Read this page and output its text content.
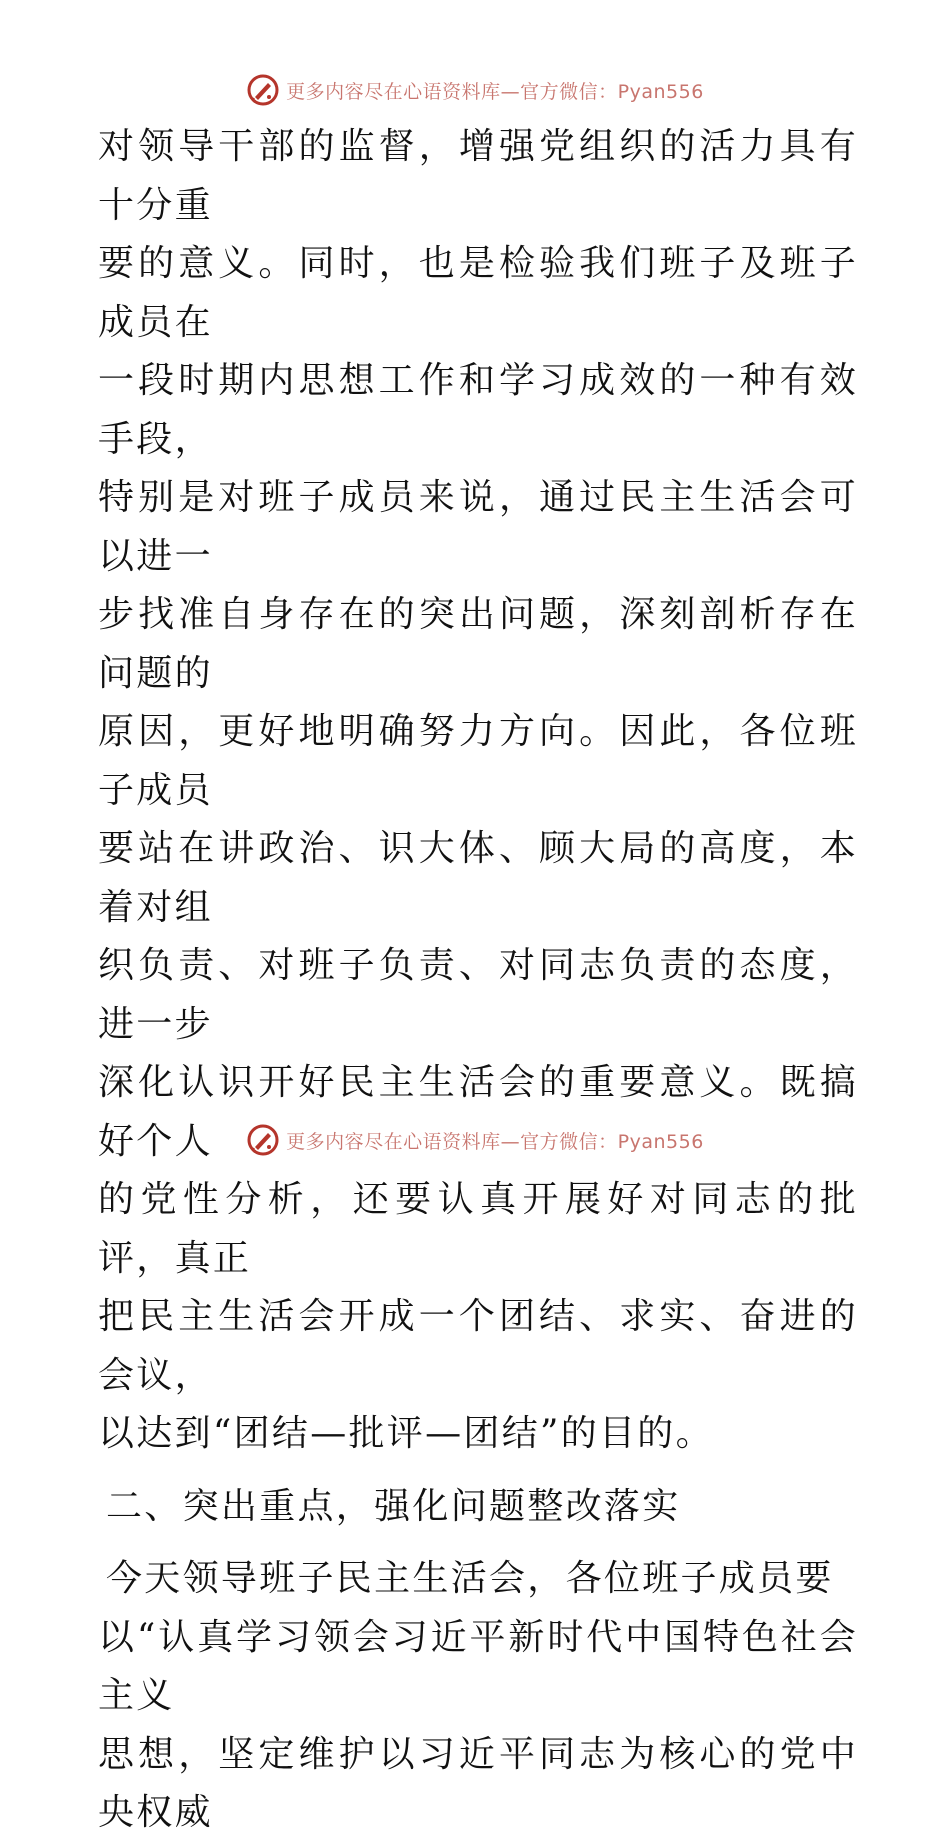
更多内容尽在心语资料库—官方微信：Pyan556
对领导干部的监督，增强党组织的活力具有十分重
要的意义。同时，也是检验我们班子及班子成员在
一段时期内思想工作和学习成效的一种有效手段，
特别是对班子成员来说，通过民主生活会可以进一
步找准自身存在的突出问题，深刻剖析存在问题的
原因，更好地明确努力方向。因此，各位班子成员
要站在讲政治、识大体、顾大局的高度，本着对组
织负责、对班子负责、对同志负责的态度，进一步
深化认识开好民主生活会的重要意义。既搞好个人
的党性分析，还要认真开展好对同志的批评，真正
把民主生活会开成一个团结、求实、奋进的会议，
以达到“团结—批评—团结”的目的。
二、突出重点，强化问题整改落实
今天领导班子民主生活会，各位班子成员要
以“认真学习领会习近平新时代中国特色社会主义
思想，坚定维护以习近平同志为核心的党中央权威
更多内容尽在心语资料库—官方微信：Pyan556
